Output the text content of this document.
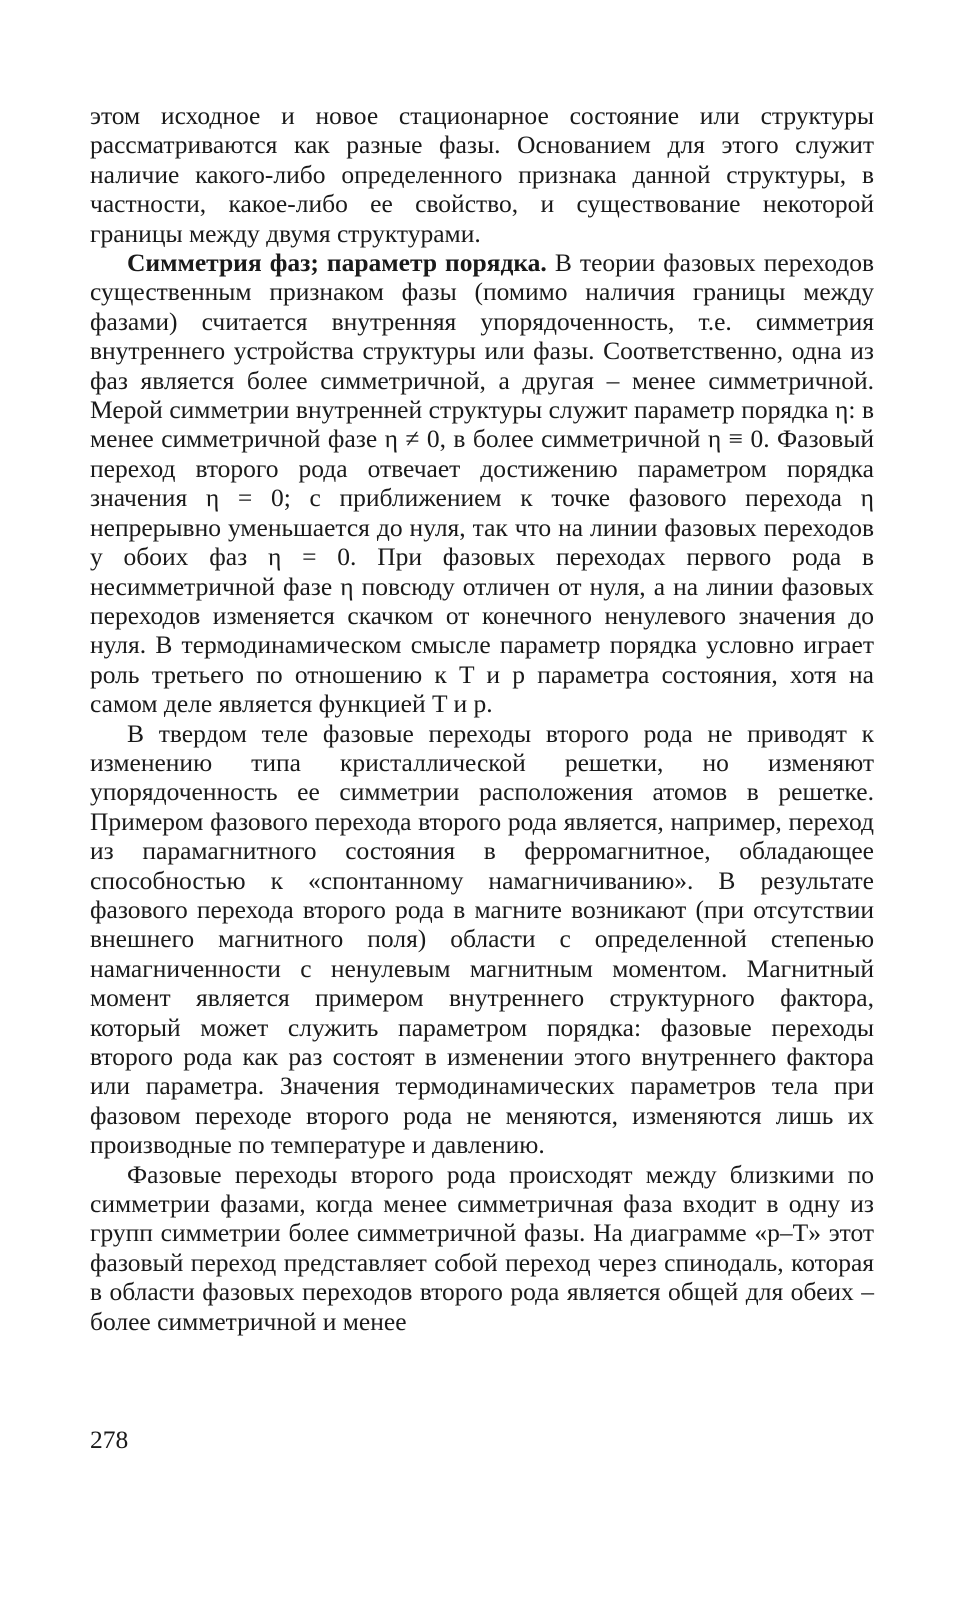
этом исходное и новое стационарное состояние или структуры рассматриваются как разные фазы. Основанием для этого служит наличие какого-либо определенного признака данной структуры, в частности, какое-либо ее свойство, и существование некоторой границы между двумя структурами.

Симметрия фаз; параметр порядка. В теории фазовых переходов существенным признаком фазы (помимо наличия границы между фазами) считается внутренняя упорядоченность, т.е. симметрия внутреннего устройства структуры или фазы. Соответственно, одна из фаз является более симметричной, а другая – менее симметричной. Мерой симметрии внутренней структуры служит параметр порядка η: в менее симметричной фазе η ≠ 0, в более симметричной η ≡ 0. Фазовый переход второго рода отвечает достижению параметром порядка значения η = 0; с приближением к точке фазового перехода η непрерывно уменьшается до нуля, так что на линии фазовых переходов у обоих фаз η = 0. При фазовых переходах первого рода в несимметричной фазе η повсюду отличен от нуля, а на линии фазовых переходов изменяется скачком от конечного ненулевого значения до нуля. В термодинамическом смысле параметр порядка условно играет роль третьего по отношению к T и p параметра состояния, хотя на самом деле является функцией T и p.

В твердом теле фазовые переходы второго рода не приводят к изменению типа кристаллической решетки, но изменяют упорядоченность ее симметрии расположения атомов в решетке. Примером фазового перехода второго рода является, например, переход из парамагнитного состояния в ферромагнитное, обладающее способностью к «спонтанному намагничиванию». В результате фазового перехода второго рода в магните возникают (при отсутствии внешнего магнитного поля) области с определенной степенью намагниченности с ненулевым магнитным моментом. Магнитный момент является примером внутреннего структурного фактора, который может служить параметром порядка: фазовые переходы второго рода как раз состоят в изменении этого внутреннего фактора или параметра. Значения термодинамических параметров тела при фазовом переходе второго рода не меняются, изменяются лишь их производные по температуре и давлению.

Фазовые переходы второго рода происходят между близкими по симметрии фазами, когда менее симметричная фаза входит в одну из групп симметрии более симметричной фазы. На диаграмме «p–T» этот фазовый переход представляет собой переход через спинодаль, которая в области фазовых переходов второго рода является общей для обеих – более симметричной и менее

278
